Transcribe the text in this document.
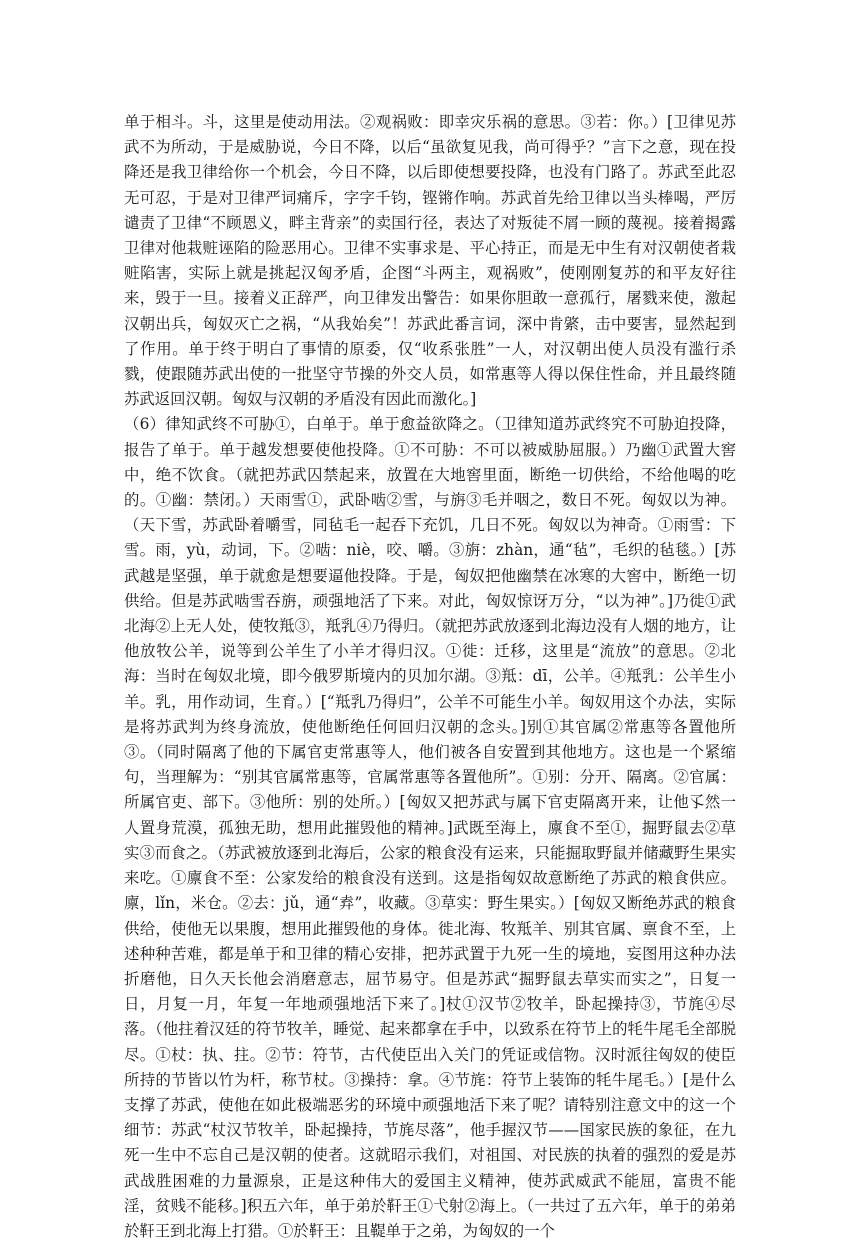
单于相斗。斗，这里是使动用法。②观祸败：即幸灾乐祸的意思。③若：你。）[卫律见苏武不为所动，于是威胁说，今日不降，以后“虽欲复见我，尚可得乎？”言下之意，现在投降还是我卫律给你一个机会，今日不降，以后即使想要投降，也没有门路了。苏武至此忍无可忍，于是对卫律严词痛斥，字字千钧，铿锵作响。苏武首先给卫律以当头棒喝，严厉谴责了卫律“不顾恩义，畔主背亲”的卖国行径，表达了对叛徒不屑一顾的蔑视。接着揭露卫律对他栽赃诬陷的险恶用心。卫律不实事求是、平心持正，而是无中生有对汉朝使者栽赃陷害，实际上就是挑起汉匈矛盾，企图“斗两主，观祸败”，使刚刚复苏的和平友好往来，毁于一旦。接着义正辞严，向卫律发出警告：如果你胆敢一意孤行，屠戮来使，激起汉朝出兵，匈奴灭亡之祸，“从我始矣”！苏武此番言词，深中肯綮，击中要害，显然起到了作用。单于终于明白了事情的原委，仅“收系张胜”一人，对汉朝出使人员没有滥行杀戮，使跟随苏武出使的一批坚守节操的外交人员，如常惠等人得以保住性命，并且最终随苏武返回汉朝。匈奴与汉朝的矛盾没有因此而激化。]

（6）律知武终不可胁①，白单于。单于愈益欲降之。（卫律知道苏武终究不可胁迫投降，报告了单于。单于越发想要使他投降。①不可胁：不可以被威胁屈服。）乃幽①武置大窖中，绝不饮食。（就把苏武囚禁起来，放置在大地窖里面，断绝一切供给，不给他喝的吃的。①幽：禁闭。）天雨雪①，武卧啮②雪，与旃③毛并咽之，数日不死。匈奴以为神。（天下雪，苏武卧着嚼雪，同毡毛一起吞下充饥，几日不死。匈奴以为神奇。①雨雪：下雪。雨，yù，动词，下。②啮：niè，咬、嚼。③旃：zhàn，通“毡”，毛织的毡毯。）[苏武越是坚强，单于就愈是想要逼他投降。于是，匈奴把他幽禁在冰寒的大窖中，断绝一切供给。但是苏武啮雪吞旃，顽强地活了下来。对此，匈奴惊讶万分，“以为神”。]乃徙①武北海②上无人处，使牧羝③，羝乳④乃得归。（就把苏武放逐到北海边没有人烟的地方，让他放牧公羊，说等到公羊生了小羊才得归汉。①徙：迁移，这里是“流放”的意思。②北海：当时在匈奴北境，即今俄罗斯境内的贝加尔湖。③羝：dī，公羊。④羝乳：公羊生小羊。乳，用作动词，生育。）[“羝乳乃得归”，公羊不可能生小羊。匈奴用这个办法，实际是将苏武判为终身流放，使他断绝任何回归汉朝的念头。]别①其官属②常惠等各置他所③。（同时隔离了他的下属官吏常惠等人，他们被各自安置到其他地方。这也是一个紧缩句，当理解为：“别其官属常惠等，官属常惠等各置他所”。①别：分开、隔离。②官属：所属官吏、部下。③他所：别的处所。）[匈奴又把苏武与属下官吏隔离开来，让他孓然一人置身荒漠，孤独无助，想用此摧毁他的精神。]武既至海上，廪食不至①，掘野鼠去②草实③而食之。（苏武被放逐到北海后，公家的粮食没有运来，只能掘取野鼠并储藏野生果实来吃。①廪食不至：公家发给的粮食没有送到。这是指匈奴故意断绝了苏武的粮食供应。廪，lǐn，米仓。②去：jǔ，通“弆”，收藏。③草实：野生果实。）[匈奴又断绝苏武的粮食供给，使他无以果腹，想用此摧毁他的身体。徙北海、牧羝羊、别其官属、禀食不至，上述种种苦难，都是单于和卫律的精心安排，把苏武置于九死一生的境地，妄图用这种办法折磨他，日久天长他会消磨意志，屈节易守。但是苏武“掘野鼠去草实而实之”，日复一日，月复一月，年复一年地顽强地活下来了。]杖①汉节②牧羊，卧起操持③，节旄④尽落。（他拄着汉廷的符节牧羊，睡觉、起来都拿在手中，以致系在符节上的牦牛尾毛全部脱尽。①杖：执、拄。②节：符节，古代使臣出入关门的凭证或信物。汉时派往匈奴的使臣所持的节皆以竹为杆，称节杖。③操持：拿。④节旄：符节上装饰的牦牛尾毛。）[是什么支撑了苏武，使他在如此极端恶劣的环境中顽强地活下来了呢？请特别注意文中的这一个细节：苏武“杖汉节牧羊，卧起操持，节旄尽落”，他手握汉节——国家民族的象征，在九死一生中不忘自己是汉朝的使者。这就昭示我们，对祖国、对民族的执着的强烈的爱是苏武战胜困难的力量源泉，正是这种伟大的爱国主义精神，使苏武威武不能屈，富贵不能淫，贫贱不能移。]积五六年，单于弟於靬王①弋射②海上。（一共过了五六年，单于的弟弟於靬王到北海上打猎。①於靬王：且鞮单于之弟，为匈奴的一个
